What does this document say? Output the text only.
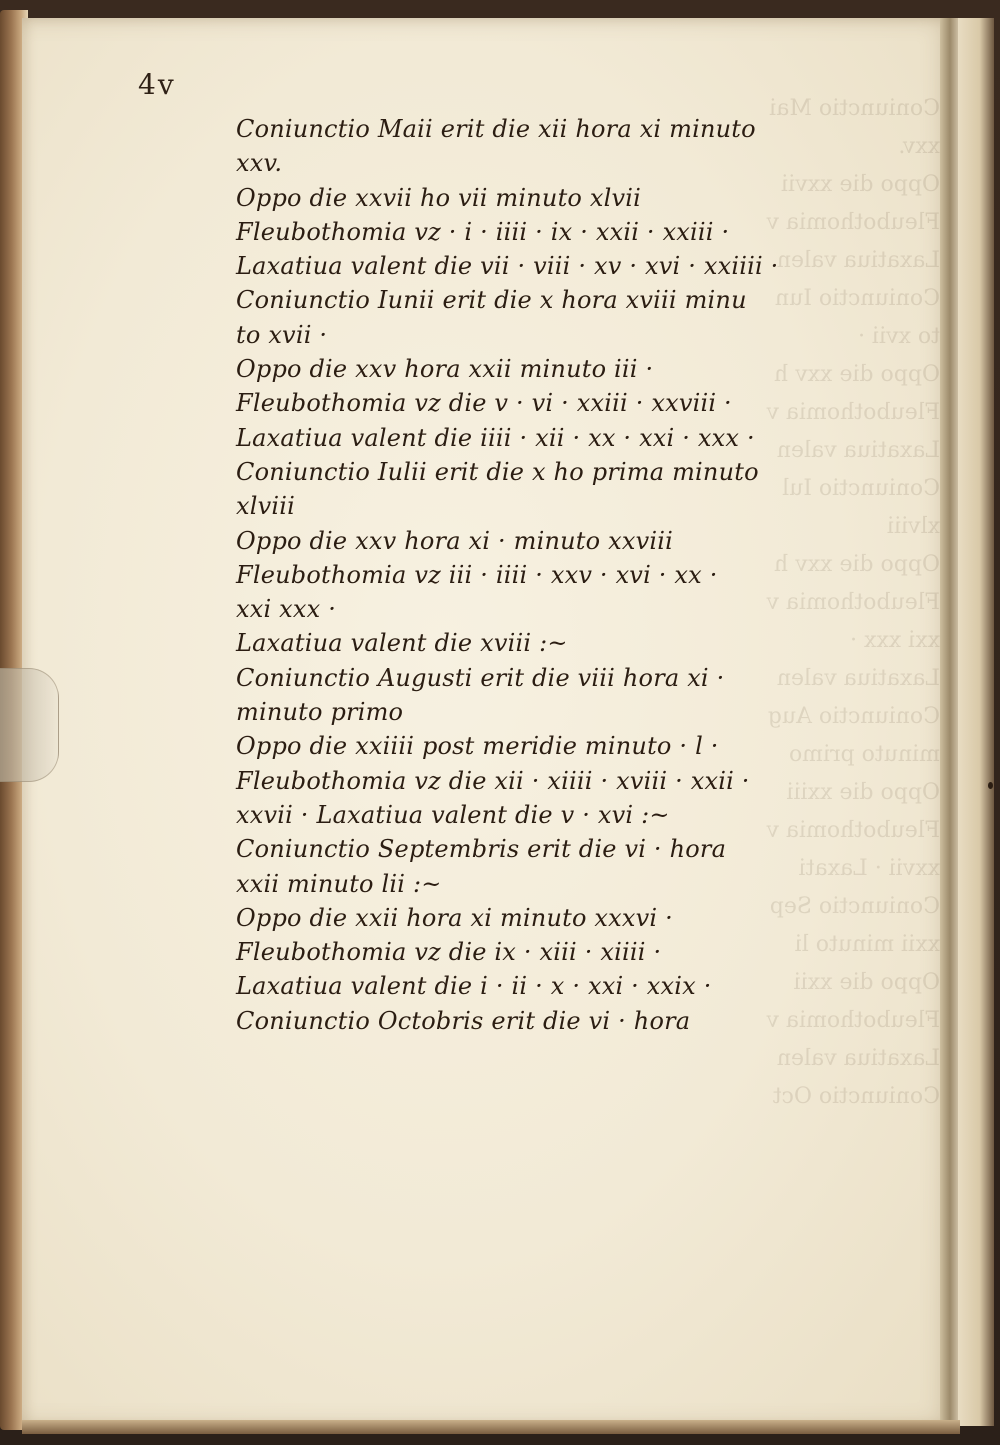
Coniunctio Mai
xxv.
Oppo die xxvii
Fleubothomia v
Laxatiua valen
Coniunctio Iun
to xvii ·
Oppo die xxv h
Fleubothomia v
Laxatiua valen
Coniunctio Iul
xlviii
Oppo die xxv h
Fleubothomia v
xxi xxx ·
Laxatiua valen
Coniunctio Aug
minuto primo
Oppo die xxiii
Fleubothomia v
xxvii · Laxati
Coniunctio Sep
xxii minuto li
Oppo die xxii
Fleubothomia v
Laxatiua valen
Coniunctio Oct
4v
Coniunctio Maii erit die xii hora xi minuto
xxv.
Oppo die xxvii ho vii minuto xlvii
Fleubothomia vz · i · iiii · ix · xxii · xxiii ·
Laxatiua valent die vii · viii · xv · xvi · xxiiii ·
Coniunctio Iunii erit die x hora xviii minu
to xvii ·
Oppo die xxv hora xxii minuto iii ·
Fleubothomia vz die v · vi · xxiii · xxviii ·
Laxatiua valent die iiii · xii · xx · xxi · xxx ·
Coniunctio Iulii erit die x ho prima minuto
xlviii
Oppo die xxv hora xi · minuto xxviii
Fleubothomia vz iii · iiii · xxv · xvi · xx ·
xxi xxx ·
Laxatiua valent die xviii :~
Coniunctio Augusti erit die viii hora xi ·
minuto primo
Oppo die xxiiii post meridie minuto · l ·
Fleubothomia vz die xii · xiiii · xviii · xxii ·
xxvii · Laxatiua valent die v · xvi :~
Coniunctio Septembris erit die vi · hora
xxii minuto lii :~
Oppo die xxii hora xi minuto xxxvi ·
Fleubothomia vz die ix · xiii · xiiii ·
Laxatiua valent die i · ii · x · xxi · xxix ·
Coniunctio Octobris erit die vi · hora
